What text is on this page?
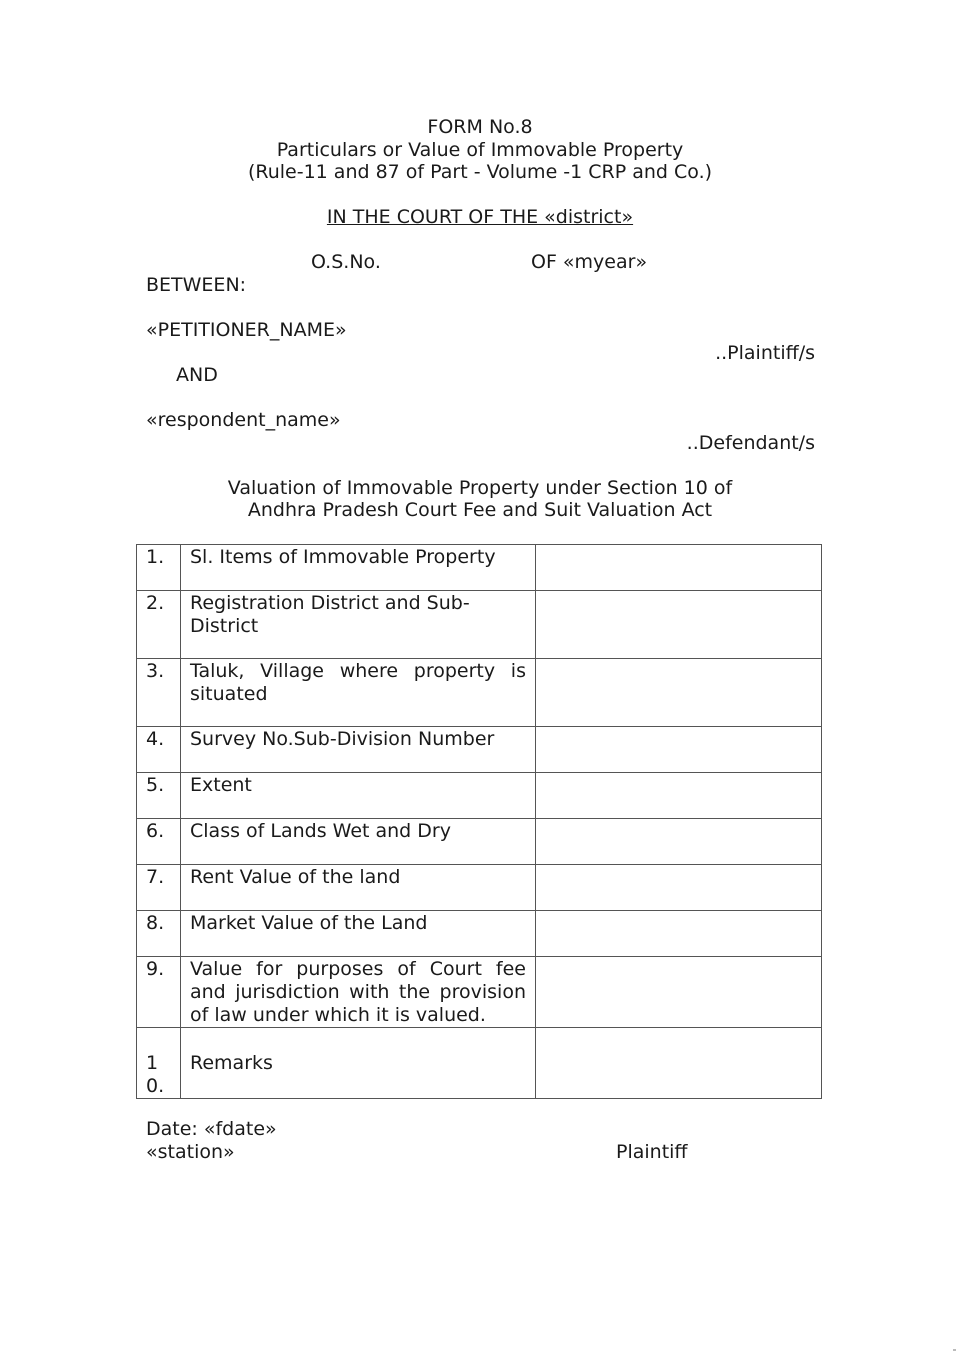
FORM No.8
Particulars or Value of Immovable Property
(Rule-11 and 87 of Part - Volume -1 CRP and Co.)
IN THE COURT OF THE «district»
O.S.No.	OF «myear»
BETWEEN:
«PETITIONER_NAME»
..Plaintiff/s
AND
«respondent_name»
..Defendant/s
Valuation of Immovable Property under Section 10 of
Andhra Pradesh Court Fee and Suit Valuation Act
1.	Sl. Items of Immovable Property	
2.	Registration District and Sub-District	
3.	Taluk, Village where property is situated	
4.	Survey No.Sub-Division Number	
5.	Extent	
6.	Class of Lands Wet and Dry	
7.	Rent Value of the land	
8.	Market Value of the Land	
9.	Value for purposes of Court fee and jurisdiction with the provision of law under which it is valued.	

10.	Remarks	

Date: «fdate»
«station»	Plaintiff
